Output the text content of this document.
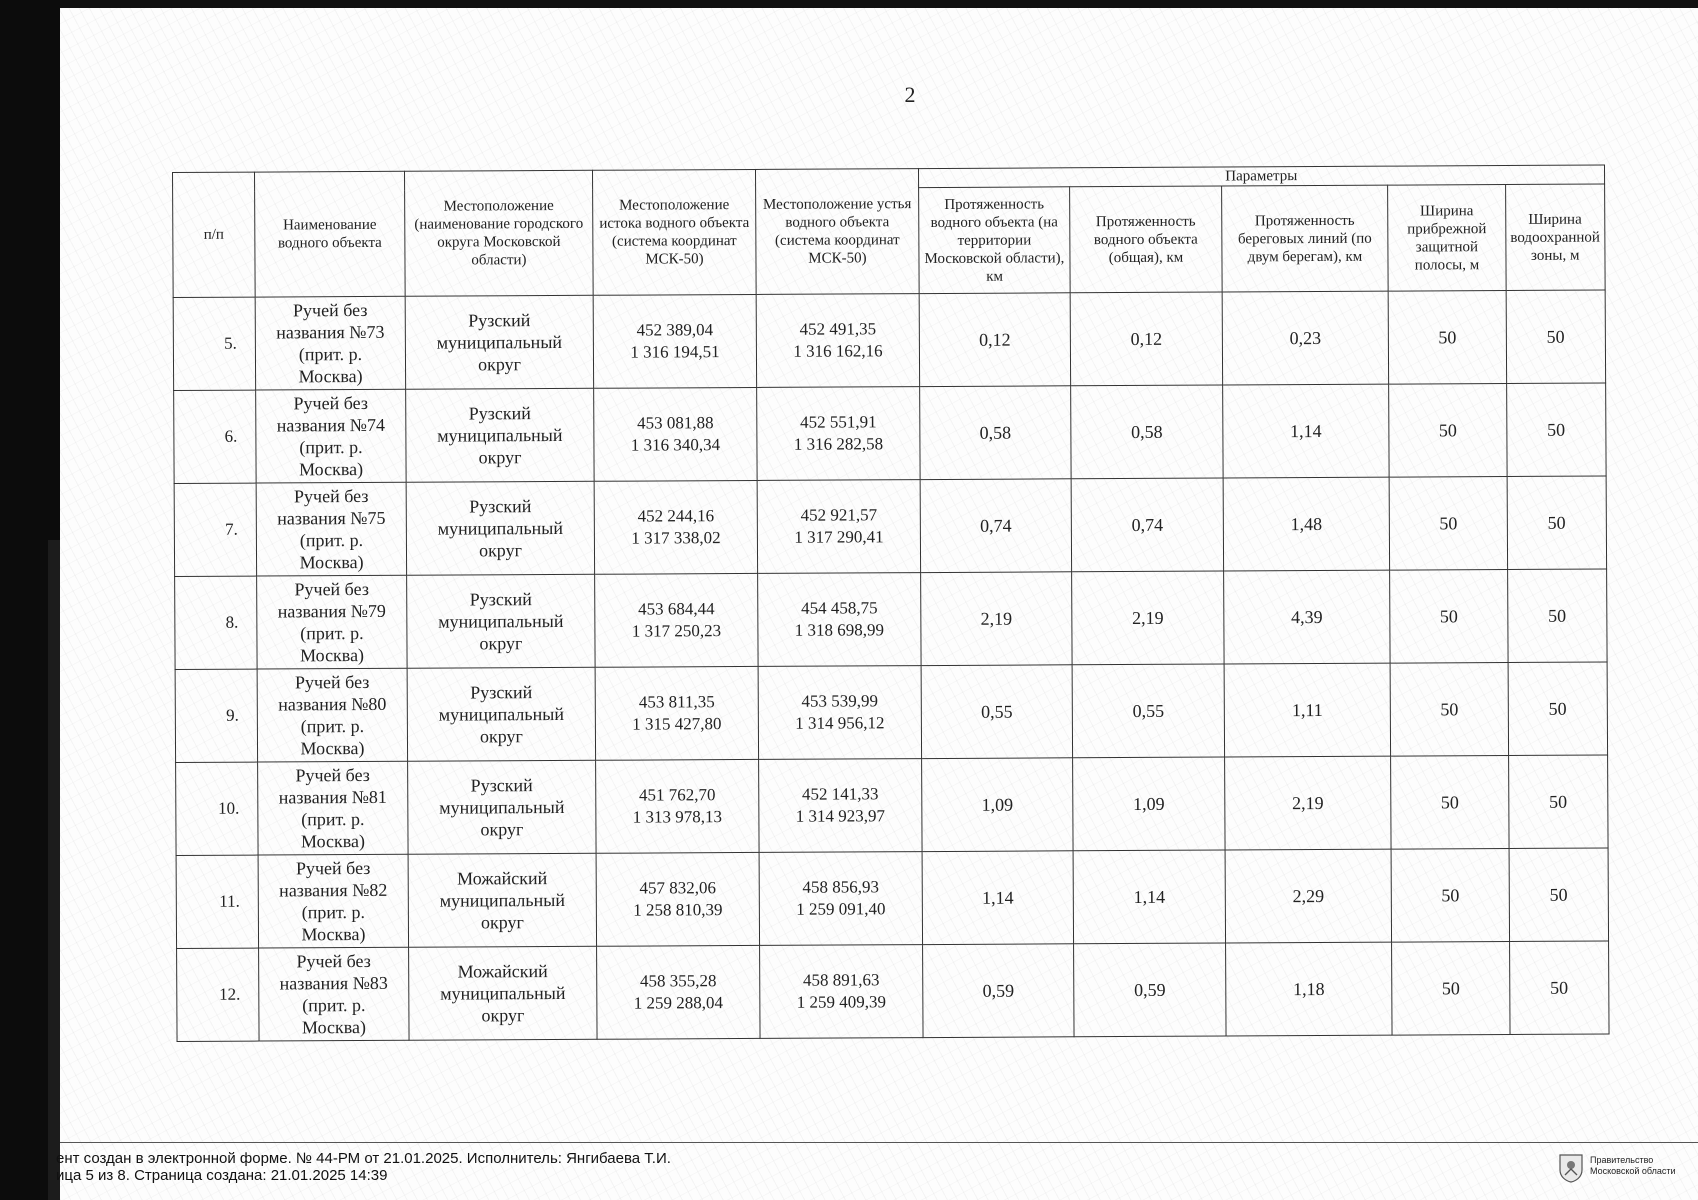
2
п/п	Наименование водного объекта	Местоположение (наименование городского округа Московской области)	Местоположение истока водного объекта (система координат МСК-50)	Местоположение устья водного объекта (система координат МСК-50)	Параметры				
					Протяженность водного объекта (на территории Московской области), км	Протяженность водного объекта (общая), км	Протяженность береговых линий (по двум берегам), км	Ширина прибрежной защитной полосы, м	Ширина водоохранной зоны, м
5.	Ручей без
названия №73
(прит. р.
Москва)	Рузский
муниципальный
округ	452 389,04
1 316 194,51	452 491,35
1 316 162,16	0,12	0,12	0,23	50	50
6.	Ручей без
названия №74
(прит. р.
Москва)	Рузский
муниципальный
округ	453 081,88
1 316 340,34	452 551,91
1 316 282,58	0,58	0,58	1,14	50	50
7.	Ручей без
названия №75
(прит. р.
Москва)	Рузский
муниципальный
округ	452 244,16
1 317 338,02	452 921,57
1 317 290,41	0,74	0,74	1,48	50	50
8.	Ручей без
названия №79
(прит. р.
Москва)	Рузский
муниципальный
округ	453 684,44
1 317 250,23	454 458,75
1 318 698,99	2,19	2,19	4,39	50	50
9.	Ручей без
названия №80
(прит. р.
Москва)	Рузский
муниципальный
округ	453 811,35
1 315 427,80	453 539,99
1 314 956,12	0,55	0,55	1,11	50	50
10.	Ручей без
названия №81
(прит. р.
Москва)	Рузский
муниципальный
округ	451 762,70
1 313 978,13	452 141,33
1 314 923,97	1,09	1,09	2,19	50	50
11.	Ручей без
названия №82
(прит. р.
Москва)	Можайский
муниципальный
округ	457 832,06
1 258 810,39	458 856,93
1 259 091,40	1,14	1,14	2,29	50	50
12.	Ручей без
названия №83
(прит. р.
Москва)	Можайский
муниципальный
округ	458 355,28
1 259 288,04	458 891,63
1 259 409,39	0,59	0,59	1,18	50	50
ент создан в электронной форме. № 44-РМ от 21.01.2025. Исполнитель: Янгибаева Т.И.
ица 5 из 8. Страница создана: 21.01.2025 14:39
Правительство
Московской области
